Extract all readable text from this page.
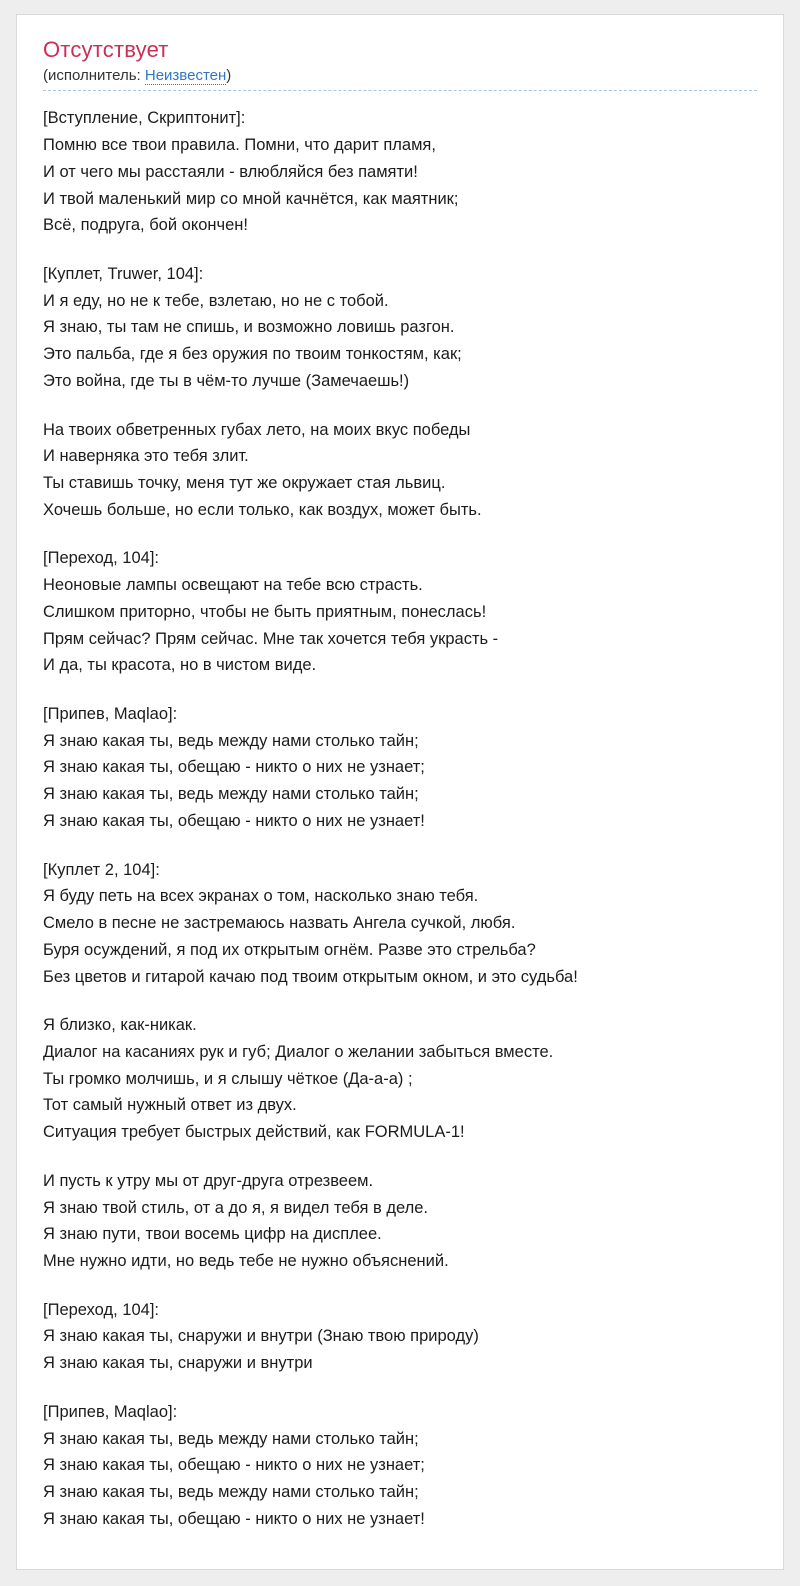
Отсутствует
(исполнитель: Неизвестен)

[Вступление, Скриптонит]:
Помню все твои правила. Помни, что дарит пламя,
И от чего мы расстаяли - влюбляйся без памяти!
И твой маленький мир со мной качнётся, как маятник;
Всё, подруга, бой окончен!

[Куплет, Truwer, 104]:
И я еду, но не к тебе, взлетаю, но не с тобой.
Я знаю, ты там не спишь, и возможно ловишь разгон.
Это пальба, где я без оружия по твоим тонкостям, как;
Это война, где ты в чём-то лучше (Замечаешь!)

На твоих обветренных губах лето, на моих вкус победы
И наверняка это тебя злит.
Ты ставишь точку, меня тут же окружает стая львиц.
Хочешь больше, но если только, как воздух, может быть.

[Переход, 104]:
Неоновые лампы освещают на тебе всю страсть.
Слишком приторно, чтобы не быть приятным, понеслась!
Прям сейчас? Прям сейчас. Мне так хочется тебя украсть -
И да, ты красота, но в чистом виде.

[Припев, Maqlao]:
Я знаю какая ты, ведь между нами столько тайн;
Я знаю какая ты, обещаю - никто о них не узнает;
Я знаю какая ты, ведь между нами столько тайн;
Я знаю какая ты, обещаю - никто о них не узнает!

[Куплет 2, 104]:
Я буду петь на всех экранах о том, насколько знаю тебя.
Смело в песне не застремаюсь назвать Ангела сучкой, любя.
Буря осуждений, я под их открытым огнём. Разве это стрельба?
Без цветов и гитарой качаю под твоим открытым окном, и это судьба!

Я близко, как-никак.
Диалог на касаниях рук и губ; Диалог о желании забыться вместе.
Ты громко молчишь, и я слышу чёткое (Да-а-а) ;
Тот самый нужный ответ из двух.
Ситуация требует быстрых действий, как FORMULA-1!

И пусть к утру мы от друг-друга отрезвеем.
Я знаю твой стиль, от а до я, я видел тебя в деле.
Я знаю пути, твои восемь цифр на дисплее.
Мне нужно идти, но ведь тебе не нужно объяснений.

[Переход, 104]:
Я знаю какая ты, снаружи и внутри (Знаю твою природу)
Я знаю какая ты, снаружи и внутри

[Припев, Maqlao]:
Я знаю какая ты, ведь между нами столько тайн;
Я знаю какая ты, обещаю - никто о них не узнает;
Я знаю какая ты, ведь между нами столько тайн;
Я знаю какая ты, обещаю - никто о них не узнает!
